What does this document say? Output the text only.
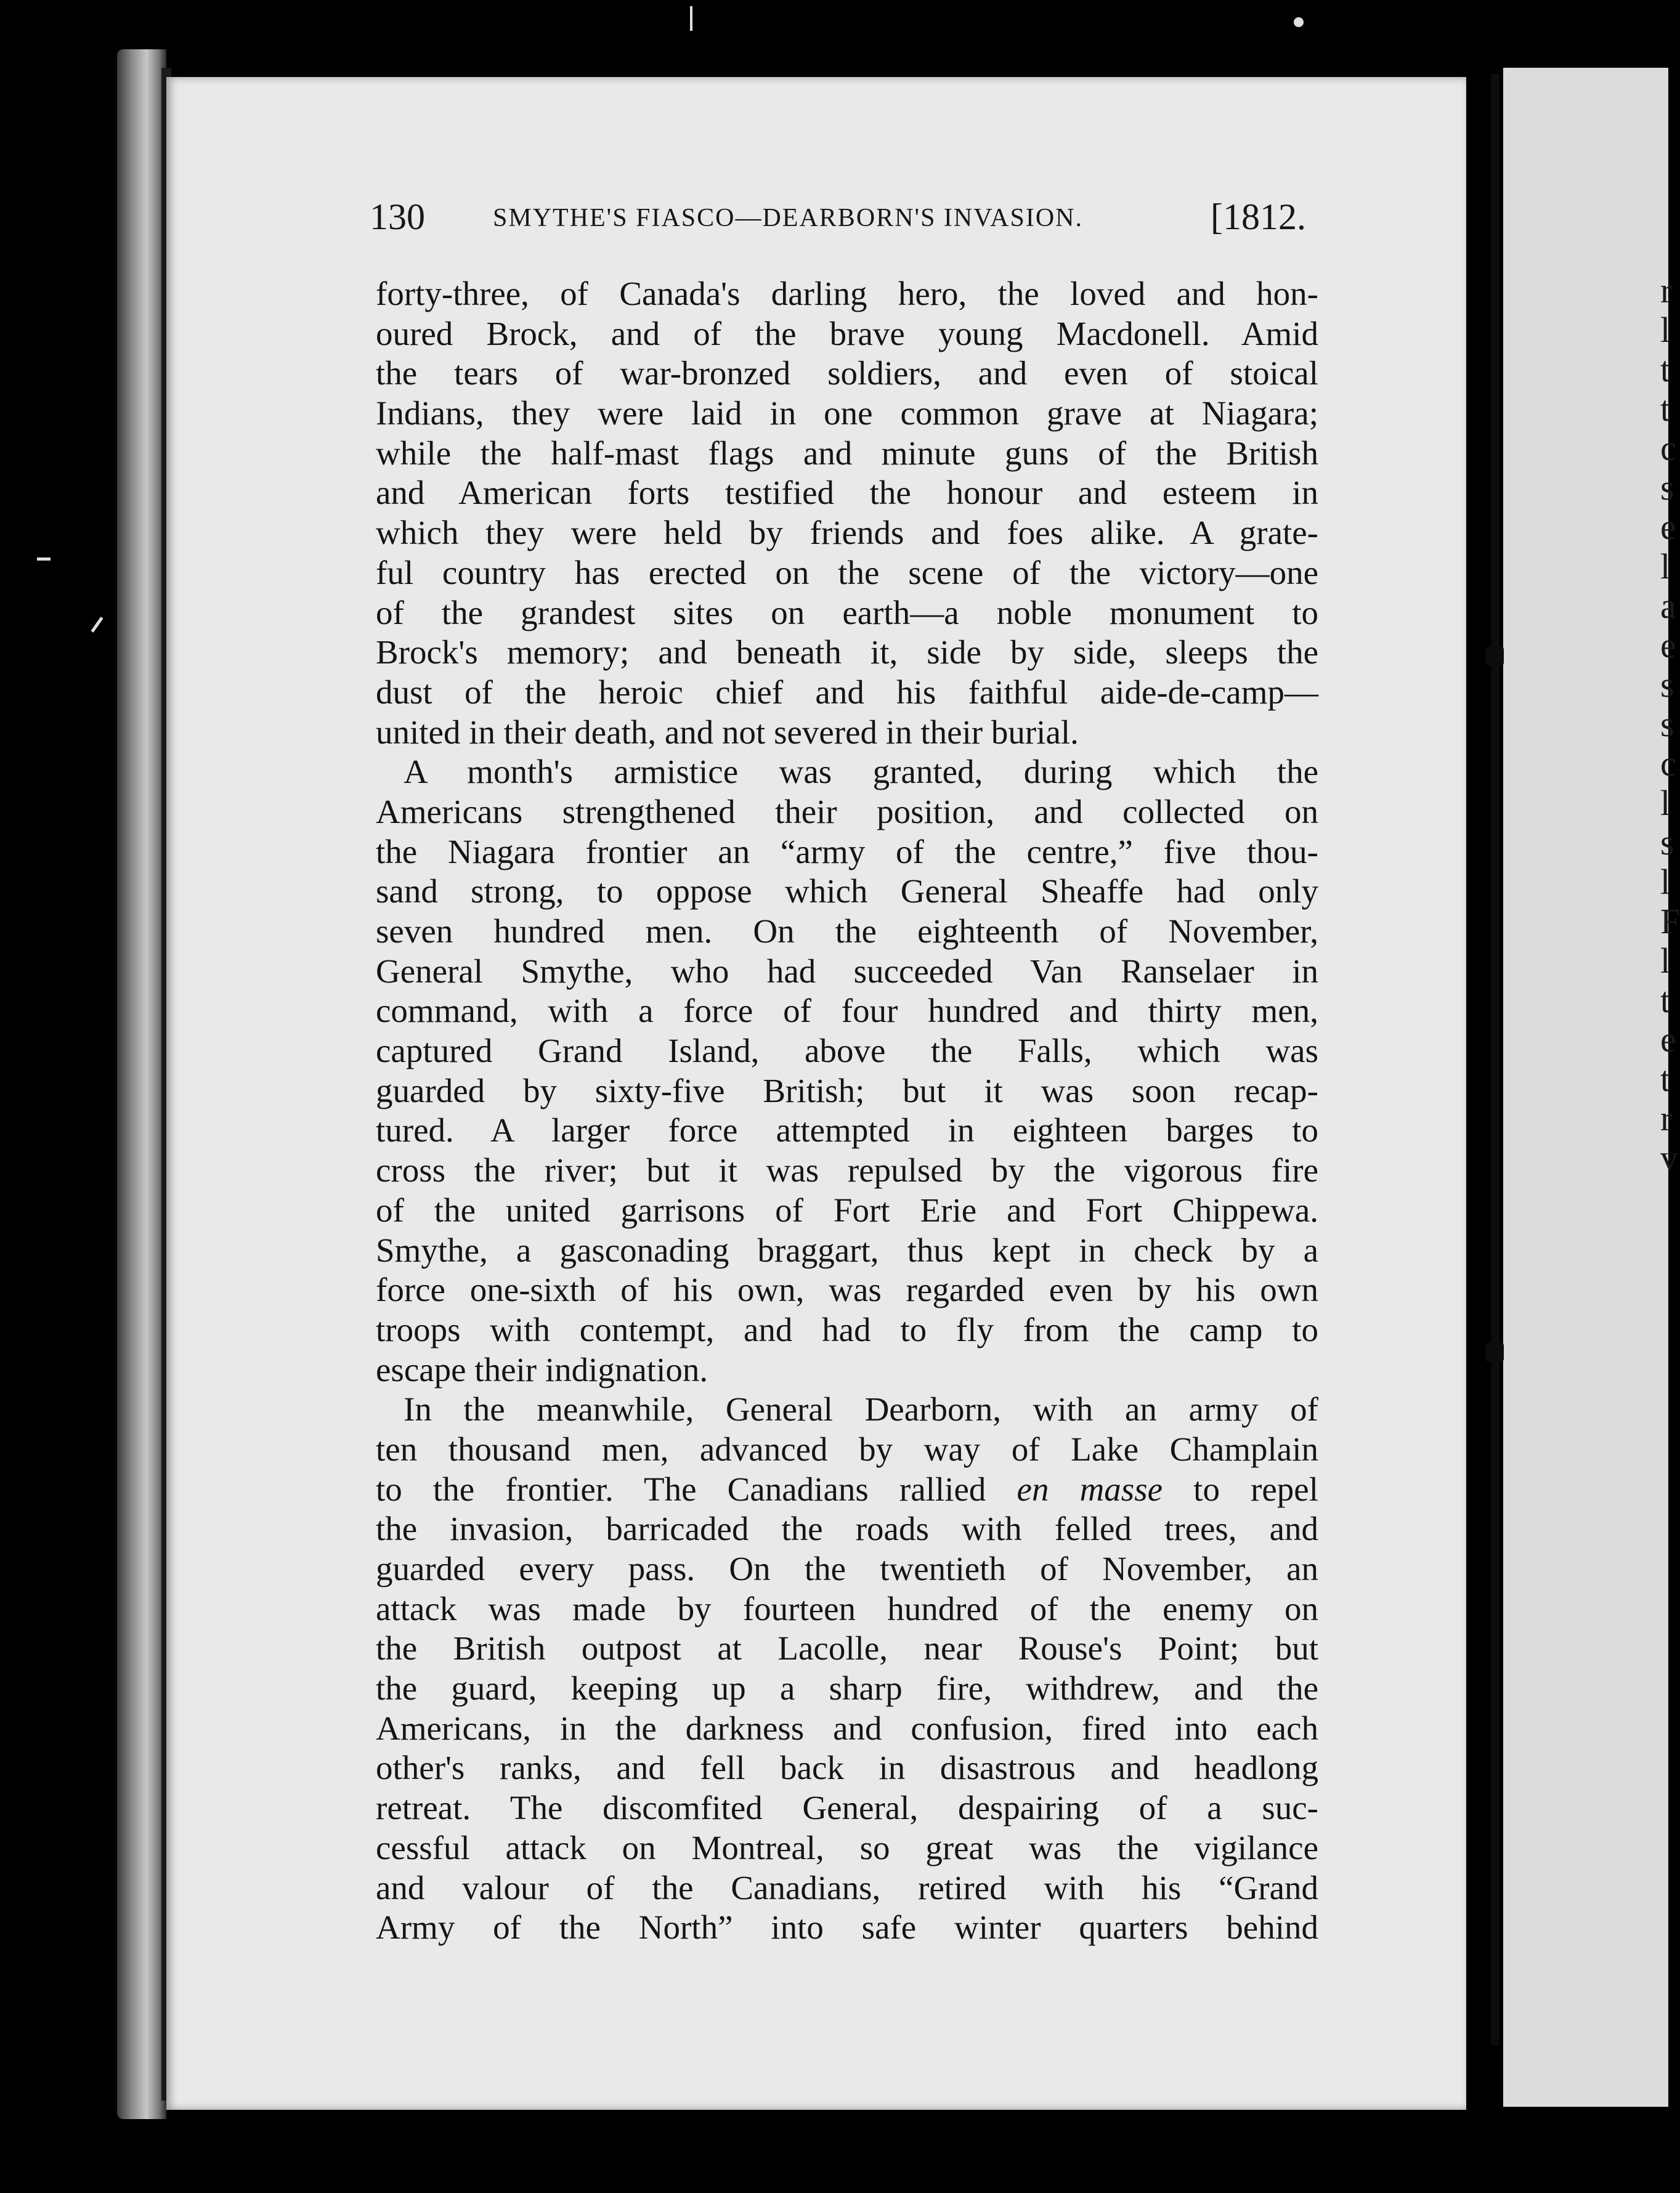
130	SMYTHE'S FIASCO—DEARBORN'S INVASION.	[1812.
forty-three, of Canada's darling hero, the loved and hon-
oured Brock, and of the brave young Macdonell. Amid
the tears of war-bronzed soldiers, and even of stoical
Indians, they were laid in one common grave at Niagara;
while the half-mast flags and minute guns of the British
and American forts testified the honour and esteem in
which they were held by friends and foes alike. A grate-
ful country has erected on the scene of the victory—one
of the grandest sites on earth—a noble monument to
Brock's memory; and beneath it, side by side, sleeps the
dust of the heroic chief and his faithful aide-de-camp—
united in their death, and not severed in their burial.
A month's armistice was granted, during which the
Americans strengthened their position, and collected on
the Niagara frontier an “army of the centre,” five thou-
sand strong, to oppose which General Sheaffe had only
seven hundred men. On the eighteenth of November,
General Smythe, who had succeeded Van Ranselaer in
command, with a force of four hundred and thirty men,
captured Grand Island, above the Falls, which was
guarded by sixty-five British; but it was soon recap-
tured. A larger force attempted in eighteen barges to
cross the river; but it was repulsed by the vigorous fire
of the united garrisons of Fort Erie and Fort Chippewa.
Smythe, a gasconading braggart, thus kept in check by a
force one-sixth of his own, was regarded even by his own
troops with contempt, and had to fly from the camp to
escape their indignation.
In the meanwhile, General Dearborn, with an army of
ten thousand men, advanced by way of Lake Champlain
to the frontier. The Canadians rallied en masse to repel
the invasion, barricaded the roads with felled trees, and
guarded every pass. On the twentieth of November, an
attack was made by fourteen hundred of the enemy on
the British outpost at Lacolle, near Rouse's Point; but
the guard, keeping up a sharp fire, withdrew, and the
Americans, in the darkness and confusion, fired into each
other's ranks, and fell back in disastrous and headlong
retreat. The discomfited General, despairing of a suc-
cessful attack on Montreal, so great was the vigilance
and valour of the Canadians, retired with his “Grand
Army of the North” into safe winter quarters behind
r
l
t
t
c
s
e
l
a
e
s
s
c
l
s
l
F
l
t
e
t
r
v
